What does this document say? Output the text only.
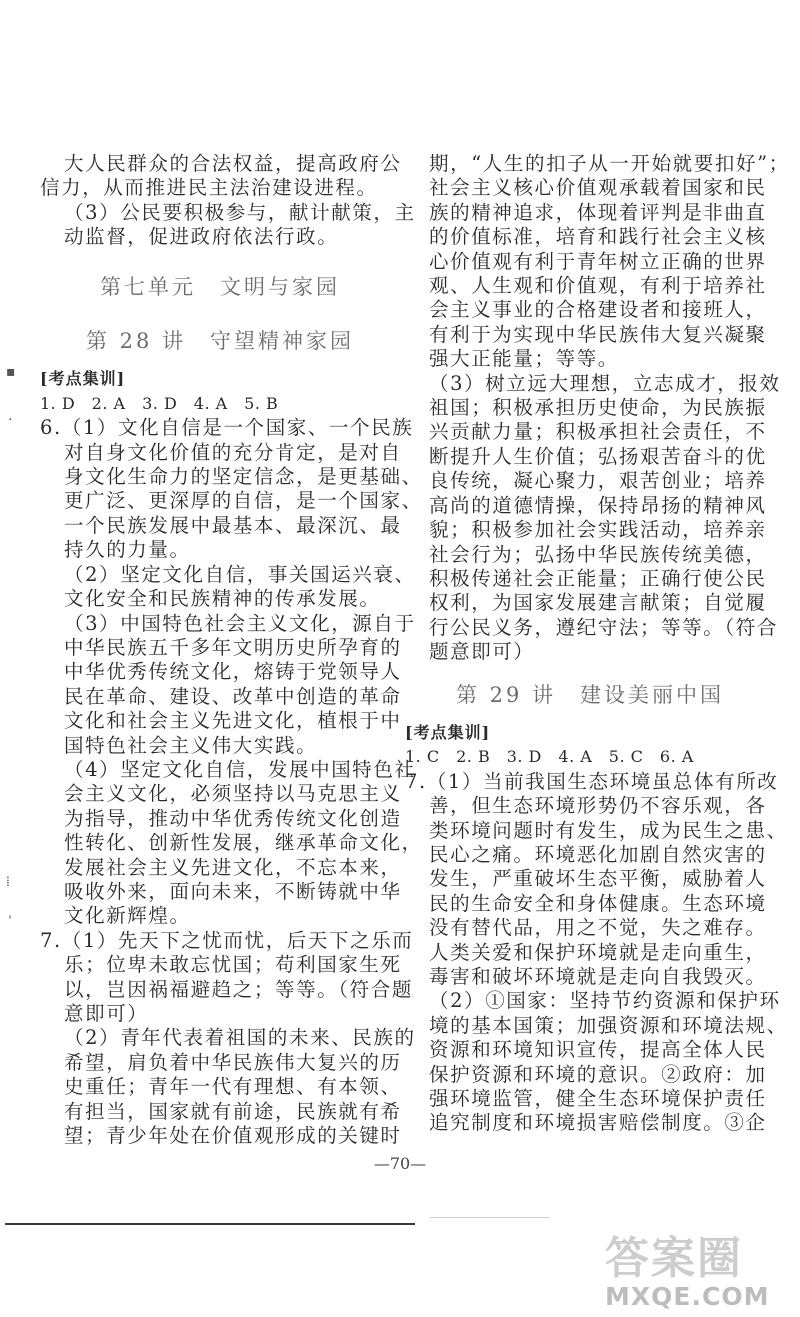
大人民群众的合法权益，提高政府公

信力，从而推进民主法治建设进程。

（3）公民要积极参与，献计献策，主

动监督，促进政府依法行政。

第七单元　文明与家园

第 28 讲　守望精神家园

[考点集训]

1. D　2. A　3. D　4. A　5. B

6.（1）文化自信是一个国家、一个民族

对自身文化价值的充分肯定，是对自

身文化生命力的坚定信念，是更基础、

更广泛、更深厚的自信，是一个国家、

一个民族发展中最基本、最深沉、最

持久的力量。

（2）坚定文化自信，事关国运兴衰、

文化安全和民族精神的传承发展。

（3）中国特色社会主义文化，源自于

中华民族五千多年文明历史所孕育的

中华优秀传统文化，熔铸于党领导人

民在革命、建设、改革中创造的革命

文化和社会主义先进文化，植根于中

国特色社会主义伟大实践。

（4）坚定文化自信，发展中国特色社

会主义文化，必须坚持以马克思主义

为指导，推动中华优秀传统文化创造

性转化、创新性发展，继承革命文化，

发展社会主义先进文化，不忘本来，

吸收外来，面向未来，不断铸就中华

文化新辉煌。

7.（1）先天下之忧而忧，后天下之乐而

乐；位卑未敢忘忧国；苟利国家生死

以，岂因祸福避趋之；等等。（符合题

意即可）

（2）青年代表着祖国的未来、民族的

希望，肩负着中华民族伟大复兴的历

史重任；青年一代有理想、有本领、

有担当，国家就有前途，民族就有希

望；青少年处在价值观形成的关键时

期，“人生的扣子从一开始就要扣好”；

社会主义核心价值观承载着国家和民

族的精神追求，体现着评判是非曲直

的价值标准，培育和践行社会主义核

心价值观有利于青年树立正确的世界

观、人生观和价值观，有利于培养社

会主义事业的合格建设者和接班人，

有利于为实现中华民族伟大复兴凝聚

强大正能量；等等。

（3）树立远大理想，立志成才，报效

祖国；积极承担历史使命，为民族振

兴贡献力量；积极承担社会责任，不

断提升人生价值；弘扬艰苦奋斗的优

良传统，凝心聚力，艰苦创业；培养

高尚的道德情操，保持昂扬的精神风

貌；积极参加社会实践活动，培养亲

社会行为；弘扬中华民族传统美德，

积极传递社会正能量；正确行使公民

权利，为国家发展建言献策；自觉履

行公民义务，遵纪守法；等等。（符合

题意即可）

第 29 讲　建设美丽中国

[考点集训]

1. C　2. B　3. D　4. A　5. C　6. A

7.（1）当前我国生态环境虽总体有所改

善，但生态环境形势仍不容乐观，各

类环境问题时有发生，成为民生之患、

民心之痛。环境恶化加剧自然灾害的

发生，严重破坏生态平衡，威胁着人

民的生命安全和身体健康。生态环境

没有替代品，用之不觉，失之难存。

人类关爱和保护环境就是走向重生，

毒害和破坏环境就是走向自我毁灭。

（2）①国家：坚持节约资源和保护环

境的基本国策；加强资源和环境法规、

资源和环境知识宣传，提高全体人民

保护资源和环境的意识。②政府：加

强环境监管，健全生态环境保护责任

追究制度和环境损害赔偿制度。③企

▪
·
⁞
ˈ
—70—
答案圈
MXQE.COM
